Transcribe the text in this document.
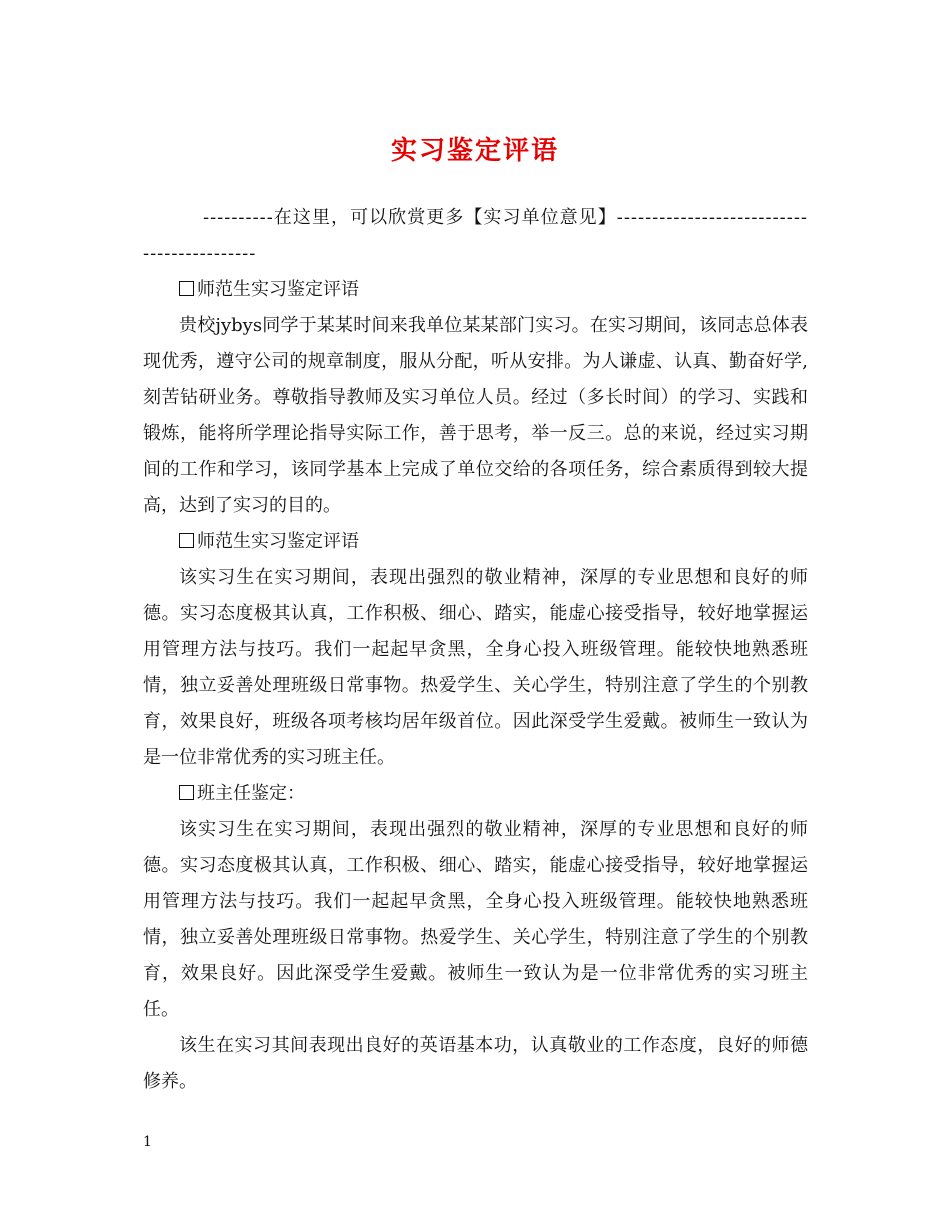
实习鉴定评语

----------在这里，可以欣赏更多【实习单位意见】-------------------------------------------

师范生实习鉴定评语

贵校jybys同学于某某时间来我单位某某部门实习。在实习期间，该同志总体表现优秀，遵守公司的规章制度，服从分配，听从安排。为人谦虚、认真、勤奋好学,刻苦钻研业务。尊敬指导教师及实习单位人员。经过（多长时间）的学习、实践和锻炼，能将所学理论指导实际工作，善于思考，举一反三。总的来说，经过实习期间的工作和学习，该同学基本上完成了单位交给的各项任务，综合素质得到较大提高，达到了实习的目的。

师范生实习鉴定评语

该实习生在实习期间，表现出强烈的敬业精神，深厚的专业思想和良好的师德。实习态度极其认真，工作积极、细心、踏实，能虚心接受指导，较好地掌握运用管理方法与技巧。我们一起起早贪黑，全身心投入班级管理。能较快地熟悉班情，独立妥善处理班级日常事物。热爱学生、关心学生，特别注意了学生的个别教育，效果良好，班级各项考核均居年级首位。因此深受学生爱戴。被师生一致认为是一位非常优秀的实习班主任。

班主任鉴定：

该实习生在实习期间，表现出强烈的敬业精神，深厚的专业思想和良好的师德。实习态度极其认真，工作积极、细心、踏实，能虚心接受指导，较好地掌握运用管理方法与技巧。我们一起起早贪黑，全身心投入班级管理。能较快地熟悉班情，独立妥善处理班级日常事物。热爱学生、关心学生，特别注意了学生的个别教育，效果良好。因此深受学生爱戴。被师生一致认为是一位非常优秀的实习班主任。

该生在实习其间表现出良好的英语基本功，认真敬业的工作态度，良好的师德修养。

1
